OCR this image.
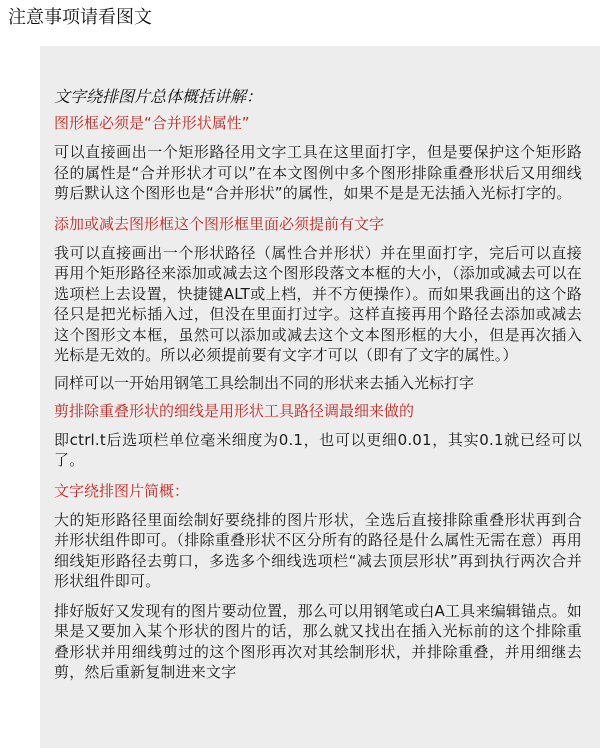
注意事项请看图文
文字绕排图片总体概括讲解：
图形框必须是“合并形状属性”
可以直接画出一个矩形路径用文字工具在这里面打字，但是要保护这个矩形路径的属性是“合并形状才可以”在本文图例中多个图形排除重叠形状后又用细线剪后默认这个图形也是“合并形状”的属性，如果不是是无法插入光标打字的。
添加或减去图形框这个图形框里面必须提前有文字
我可以直接画出一个形状路径（属性合并形状）并在里面打字，完后可以直接再用个矩形路径来添加或减去这个图形段落文本框的大小，（添加或减去可以在选项栏上去设置，快捷键ALT或上档，并不方便操作）。而如果我画出的这个路径只是把光标插入过，但没在里面打过字。这样直接再用个路径去添加或减去这个图形文本框，虽然可以添加或减去这个文本图形框的大小，但是再次插入光标是无效的。所以必须提前要有文字才可以（即有了文字的属性。）
同样可以一开始用钢笔工具绘制出不同的形状来去插入光标打字
剪排除重叠形状的细线是用形状工具路径调最细来做的
即ctrl.t后选项栏单位毫米细度为0.1，也可以更细0.01，其实0.1就已经可以了。
文字绕排图片简概：
大的矩形路径里面绘制好要绕排的图片形状，全选后直接排除重叠形状再到合并形状组件即可。（排除重叠形状不区分所有的路径是什么属性无需在意）再用细线矩形路径去剪口，多选多个细线选项栏“减去顶层形状”再到执行两次合并形状组件即可。
排好版好又发现有的图片要动位置，那么可以用钢笔或白A工具来编辑锚点。如果是又要加入某个形状的图片的话，那么就又找出在插入光标前的这个排除重叠形状并用细线剪过的这个图形再次对其绘制形状，并排除重叠，并用细继去剪，然后重新复制进来文字
